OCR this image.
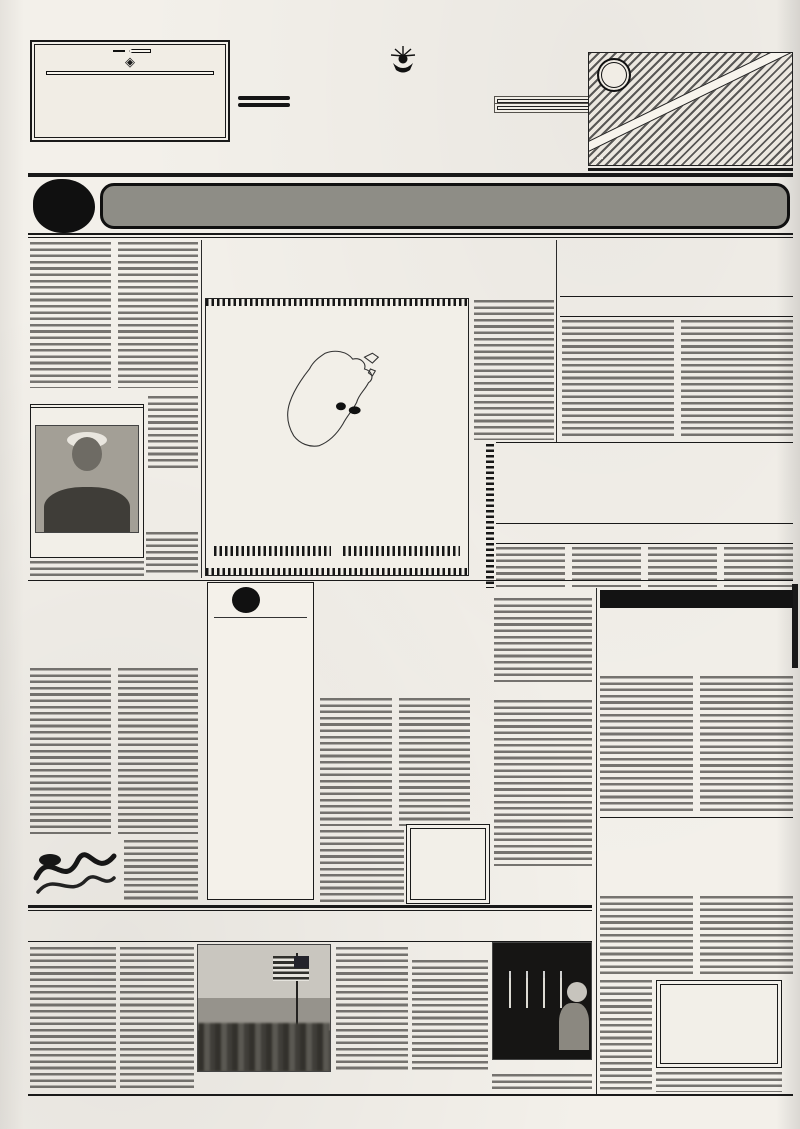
◈
